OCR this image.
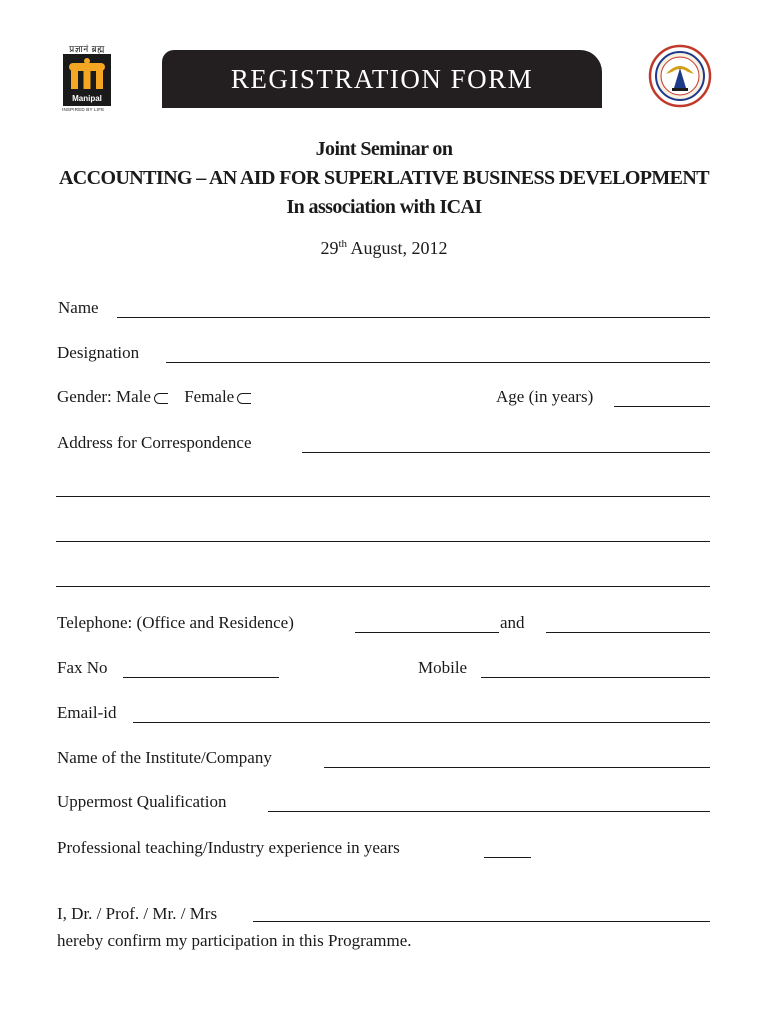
प्रज्ञानं ब्रह्म
Manipal
INSPIRED BY LIFE
REGISTRATION FORM
Joint Seminar on
ACCOUNTING – AN AID FOR SUPERLATIVE BUSINESS DEVELOPMENT
In association with ICAI
29th August, 2012
Name
Designation
Gender: Male Female	Age (in years)
Address for Correspondence
Telephone: (Office and Residence)	and
Fax No	Mobile
Email-id
Name of the Institute/Company
Uppermost Qualification
Professional teaching/Industry experience in years
I, Dr. / Prof. / Mr. / Mrs
hereby confirm my participation in this Programme.
